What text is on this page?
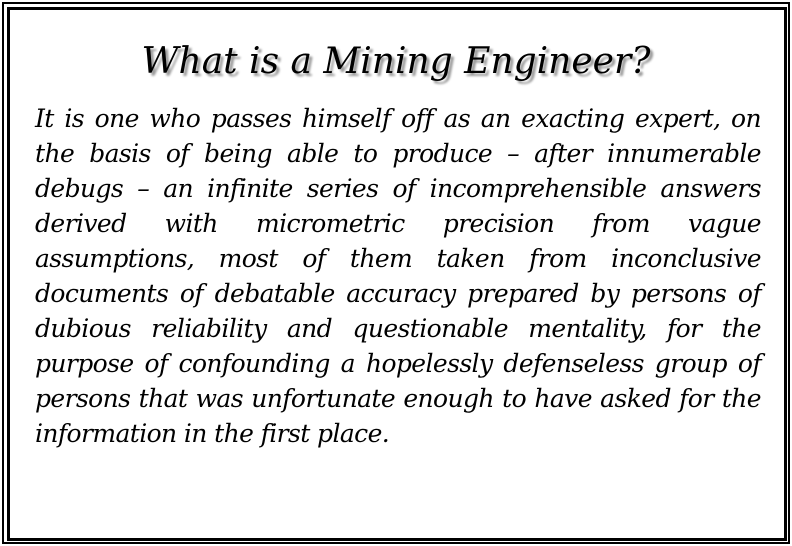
What is a Mining Engineer?

It is one who passes himself off as an exacting expert, on the basis of being able to produce – after innumerable debugs – an infinite series of incomprehensible answers derived with micrometric precision from vague assumptions, most of them taken from inconclusive documents of debatable accuracy prepared by persons of dubious reliability and questionable mentality, for the purpose of confounding a hopelessly defenseless group of persons that was unfortunate enough to have asked for the information in the first place.
